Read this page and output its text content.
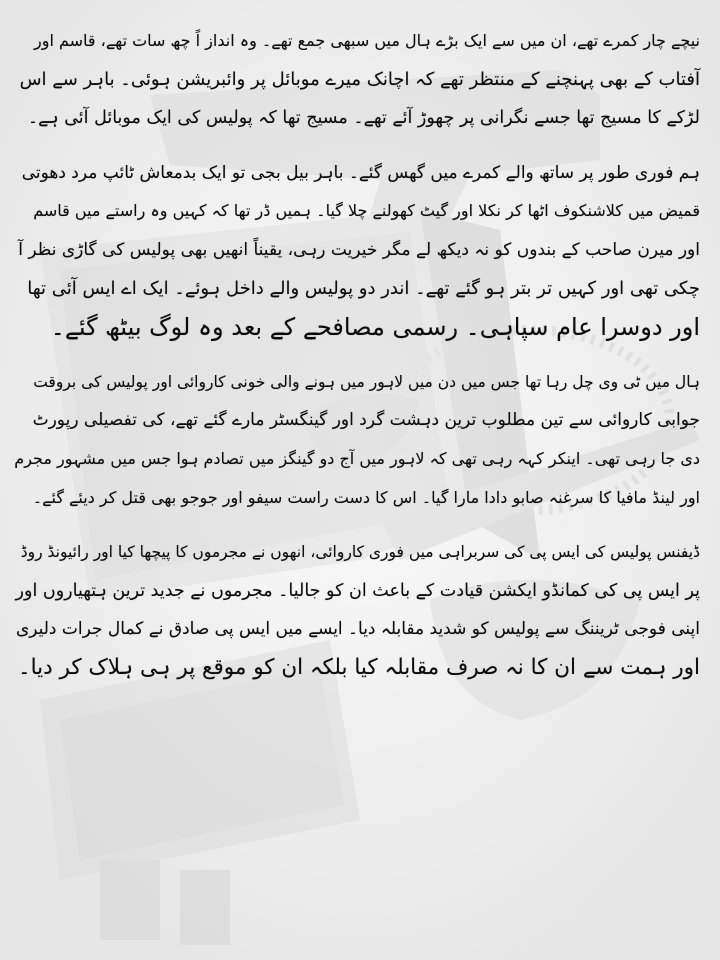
نیچے چار کمرے تھے، ان میں سے ایک بڑے ہال میں سبھی جمع تھے۔ وہ انداز اً چھ سات تھے، قاسم اور
آفتاب کے بھی پہنچنے کے منتظر تھے کہ اچانک میرے موبائل پر وائبریشن ہوئی۔ باہر سے اس
لڑکے کا مسیج تھا جسے نگرانی پر چھوڑ آئے تھے۔ مسیج تھا کہ پولیس کی ایک موبائل آئی ہے۔
ہم فوری طور پر ساتھ والے کمرے میں گھس گئے۔ باہر بیل بجی تو ایک بدمعاش ٹائپ مرد دھوتی
قمیض میں کلاشنکوف اٹھا کر نکلا اور گیٹ کھولنے چلا گیا۔ ہمیں ڈر تھا کہ کہیں وہ راستے میں قاسم
اور میرن صاحب کے بندوں کو نہ دیکھ لے مگر خیریت رہی، یقیناً انھیں بھی پولیس کی گاڑی نظر آ
چکی تھی اور کہیں تر بتر ہو گئے تھے۔ اندر دو پولیس والے داخل ہوئے۔ ایک اے ایس آئی تھا
اور دوسرا عام سپاہی۔ رسمی مصافحے کے بعد وہ لوگ بیٹھ گئے۔
ہال میں ٹی وی چل رہا تھا جس میں دن میں لاہور میں ہونے والی خونی کاروائی اور پولیس کی بروقت
جوابی کاروائی سے تین مطلوب ترین دہشت گرد اور گینگسٹر مارے گئے تھے، کی تفصیلی رپورٹ
دی جا رہی تھی۔ اینکر کہہ رہی تھی کہ لاہور میں آج دو گینگز میں تصادم ہوا جس میں مشہور مجرم
اور لینڈ مافیا کا سرغنہ صابو دادا مارا گیا۔ اس کا دست راست سیفو اور جوجو بھی قتل کر دیئے گئے۔
ڈیفنس پولیس کی ایس پی کی سربراہی میں فوری کاروائی، انھوں نے مجرموں کا پیچھا کیا اور رائیونڈ روڈ
پر ایس پی کی کمانڈو ایکشن قیادت کے باعث ان کو جالیا۔ مجرموں نے جدید ترین ہتھیاروں اور
اپنی فوجی ٹریننگ سے پولیس کو شدید مقابلہ دیا۔ ایسے میں ایس پی صادق نے کمال جرات دلیری
اور ہمت سے ان کا نہ صرف مقابلہ کیا بلکہ ان کو موقع پر ہی ہلاک کر دیا۔
